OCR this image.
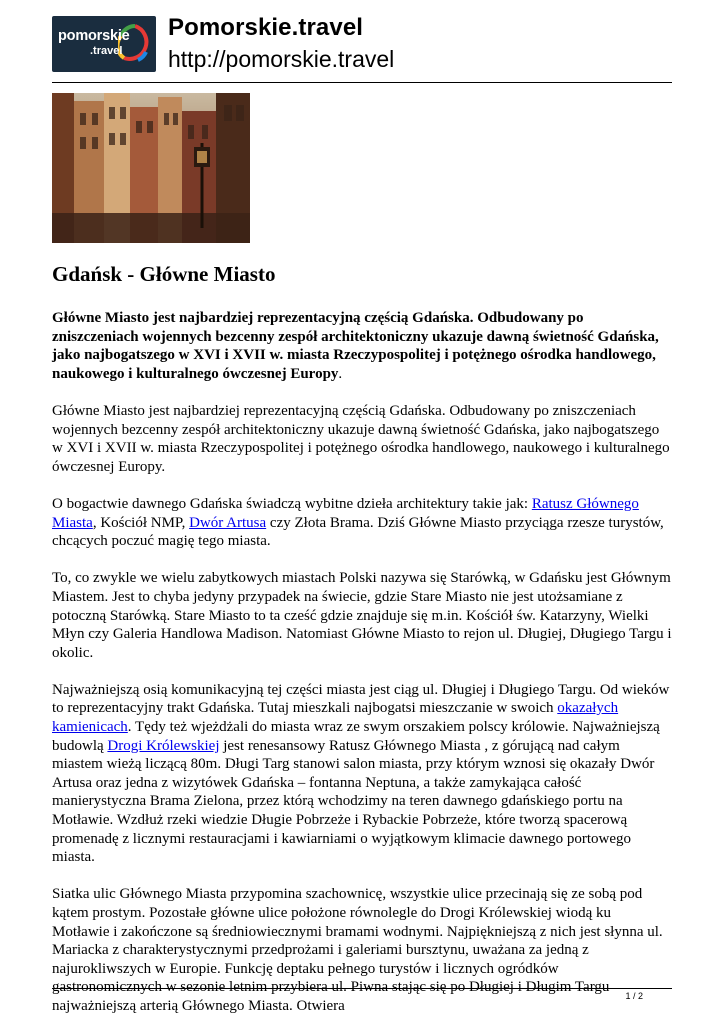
pomorskie
.travel
Pomorskie.travel
http://pomorskie.travel
Gdańsk - Główne Miasto

Główne Miasto jest najbardziej reprezentacyjną częścią Gdańska. Odbudowany po zniszczeniach wojennych bezcenny zespół architektoniczny ukazuje dawną świetność Gdańska, jako najbogatszego w XVI i XVII w. miasta Rzeczypospolitej i potężnego ośrodka handlowego, naukowego i kulturalnego ówczesnej Europy.

Główne Miasto jest najbardziej reprezentacyjną częścią Gdańska. Odbudowany po zniszczeniach wojennych bezcenny zespół architektoniczny ukazuje dawną świetność Gdańska, jako najbogatszego w XVI i XVII w. miasta Rzeczypospolitej i potężnego ośrodka handlowego, naukowego i kulturalnego ówczesnej Europy.

O bogactwie dawnego Gdańska świadczą wybitne dzieła architektury takie jak: Ratusz Głównego Miasta, Kościół NMP, Dwór Artusa czy Złota Brama. Dziś Główne Miasto przyciąga rzesze turystów, chcących poczuć magię tego miasta.

To, co zwykle we wielu zabytkowych miastach Polski nazywa się Starówką, w Gdańsku jest Głównym Miastem. Jest to chyba jedyny przypadek na świecie, gdzie Stare Miasto nie jest utożsamiane z potoczną Starówką. Stare Miasto to ta cześć gdzie znajduje się m.in. Kościół św. Katarzyny, Wielki Młyn czy Galeria Handlowa Madison. Natomiast Główne Miasto to rejon ul. Długiej, Długiego Targu i okolic.

Najważniejszą osią komunikacyjną tej części miasta jest ciąg ul. Długiej i Długiego Targu. Od wieków to reprezentacyjny trakt Gdańska. Tutaj mieszkali najbogatsi mieszczanie w swoich okazałych kamienicach. Tędy też wjeżdżali do miasta wraz ze swym orszakiem polscy królowie. Najważniejszą budowlą Drogi Królewskiej jest renesansowy Ratusz Głównego Miasta , z górującą nad całym miastem wieżą liczącą 80m. Długi Targ stanowi salon miasta, przy którym wznosi się okazały Dwór Artusa oraz jedna z wizytówek Gdańska – fontanna Neptuna, a także zamykająca całość manierystyczna Brama Zielona, przez którą wchodzimy na teren dawnego gdańskiego portu na Motławie. Wzdłuż rzeki wiedzie Długie Pobrzeże i Rybackie Pobrzeże, które tworzą spacerową promenadę z licznymi restauracjami i kawiarniami o wyjątkowym klimacie dawnego portowego miasta.

Siatka ulic Głównego Miasta przypomina szachownicę, wszystkie ulice przecinają się ze sobą pod kątem prostym. Pozostałe główne ulice położone równolegle do Drogi Królewskiej wiodą ku Motławie i zakończone są średniowiecznymi bramami wodnymi. Najpiękniejszą z nich jest słynna ul. Mariacka z charakterystycznymi przedprożami i galeriami bursztynu, uważana za jedną z najurokliwszych w Europie. Funkcję deptaku pełnego turystów i licznych ogródków gastronomicznych w sezonie letnim przybiera ul. Piwna stając się po Długiej i Długim Targu najważniejszą arterią Głównego Miasta. Otwiera

1 / 2
